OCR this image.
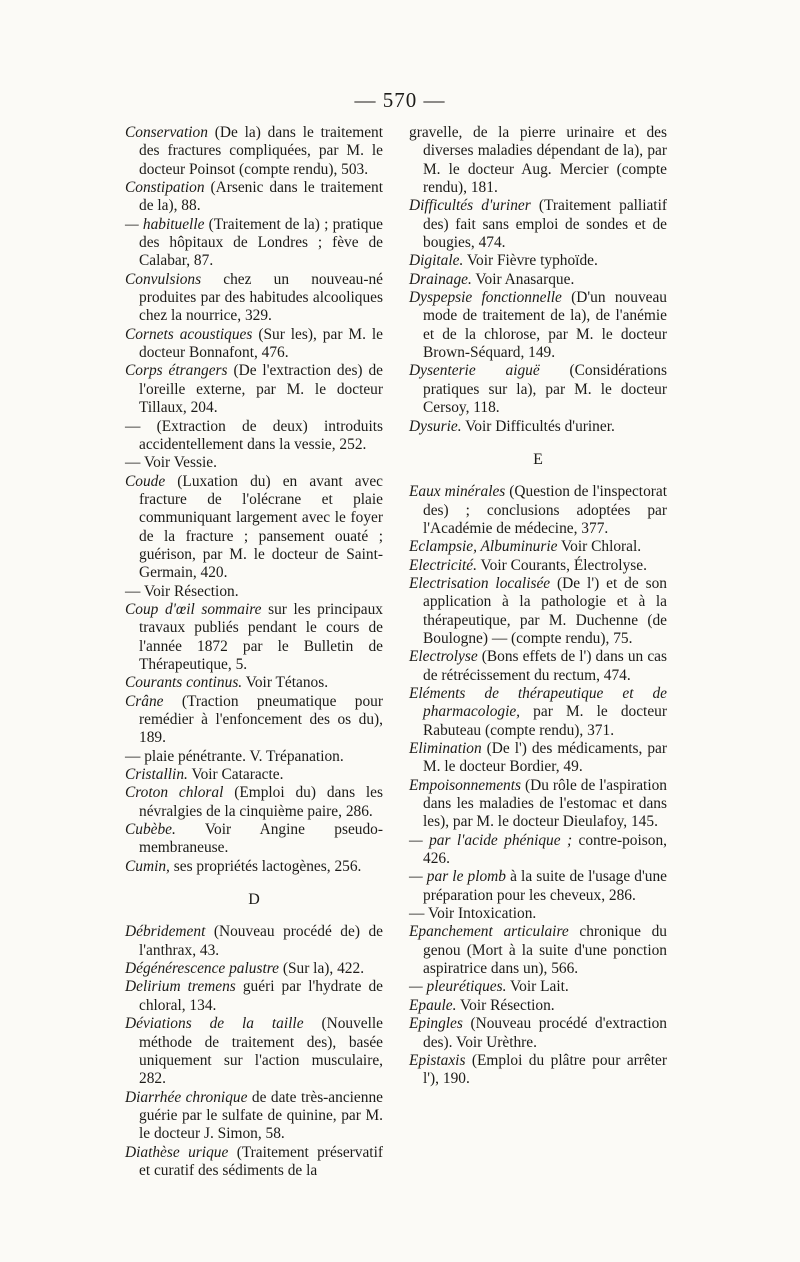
— 570 —

Conservation (De la) dans le traitement des fractures compliquées, par M. le docteur Poinsot (compte rendu), 503.

Constipation (Arsenic dans le traitement de la), 88.

— habituelle (Traitement de la) ; pratique des hôpitaux de Londres ; fève de Calabar, 87.

Convulsions chez un nouveau-né produites par des habitudes alcooliques chez la nourrice, 329.

Cornets acoustiques (Sur les), par M. le docteur Bonnafont, 476.

Corps étrangers (De l'extraction des) de l'oreille externe, par M. le docteur Tillaux, 204.

— (Extraction de deux) introduits accidentellement dans la vessie, 252.

— Voir Vessie.

Coude (Luxation du) en avant avec fracture de l'olécrane et plaie communiquant largement avec le foyer de la fracture ; pansement ouaté ; guérison, par M. le docteur de Saint-Germain, 420.

— Voir Résection.

Coup d'œil sommaire sur les principaux travaux publiés pendant le cours de l'année 1872 par le Bulletin de Thérapeutique, 5.

Courants continus. Voir Tétanos.

Crâne (Traction pneumatique pour remédier à l'enfoncement des os du), 189.

— plaie pénétrante. V. Trépanation.

Cristallin. Voir Cataracte.

Croton chloral (Emploi du) dans les névralgies de la cinquième paire, 286.

Cubèbe. Voir Angine pseudo-membraneuse.

Cumin, ses propriétés lactogènes, 256.

D

Débridement (Nouveau procédé de) de l'anthrax, 43.

Dégénérescence palustre (Sur la), 422.

Delirium tremens guéri par l'hydrate de chloral, 134.

Déviations de la taille (Nouvelle méthode de traitement des), basée uniquement sur l'action musculaire, 282.

Diarrhée chronique de date très-ancienne guérie par le sulfate de quinine, par M. le docteur J. Simon, 58.

Diathèse urique (Traitement préservatif et curatif des sédiments de la

gravelle, de la pierre urinaire et des diverses maladies dépendant de la), par M. le docteur Aug. Mercier (compte rendu), 181.

Difficultés d'uriner (Traitement palliatif des) fait sans emploi de sondes et de bougies, 474.

Digitale. Voir Fièvre typhoïde.

Drainage. Voir Anasarque.

Dyspepsie fonctionnelle (D'un nouveau mode de traitement de la), de l'anémie et de la chlorose, par M. le docteur Brown-Séquard, 149.

Dysenterie aiguë (Considérations pratiques sur la), par M. le docteur Cersoy, 118.

Dysurie. Voir Difficultés d'uriner.

E

Eaux minérales (Question de l'inspectorat des) ; conclusions adoptées par l'Académie de médecine, 377.

Eclampsie, Albuminurie Voir Chloral.

Electricité. Voir Courants, Électrolyse.

Electrisation localisée (De l') et de son application à la pathologie et à la thérapeutique, par M. Duchenne (de Boulogne) — (compte rendu), 75.

Electrolyse (Bons effets de l') dans un cas de rétrécissement du rectum, 474.

Eléments de thérapeutique et de pharmacologie, par M. le docteur Rabuteau (compte rendu), 371.

Elimination (De l') des médicaments, par M. le docteur Bordier, 49.

Empoisonnements (Du rôle de l'aspiration dans les maladies de l'estomac et dans les), par M. le docteur Dieulafoy, 145.

— par l'acide phénique ; contre-poison, 426.

— par le plomb à la suite de l'usage d'une préparation pour les cheveux, 286.

— Voir Intoxication.

Epanchement articulaire chronique du genou (Mort à la suite d'une ponction aspiratrice dans un), 566.

— pleurétiques. Voir Lait.

Epaule. Voir Résection.

Epingles (Nouveau procédé d'extraction des). Voir Urèthre.

Epistaxis (Emploi du plâtre pour arrêter l'), 190.
